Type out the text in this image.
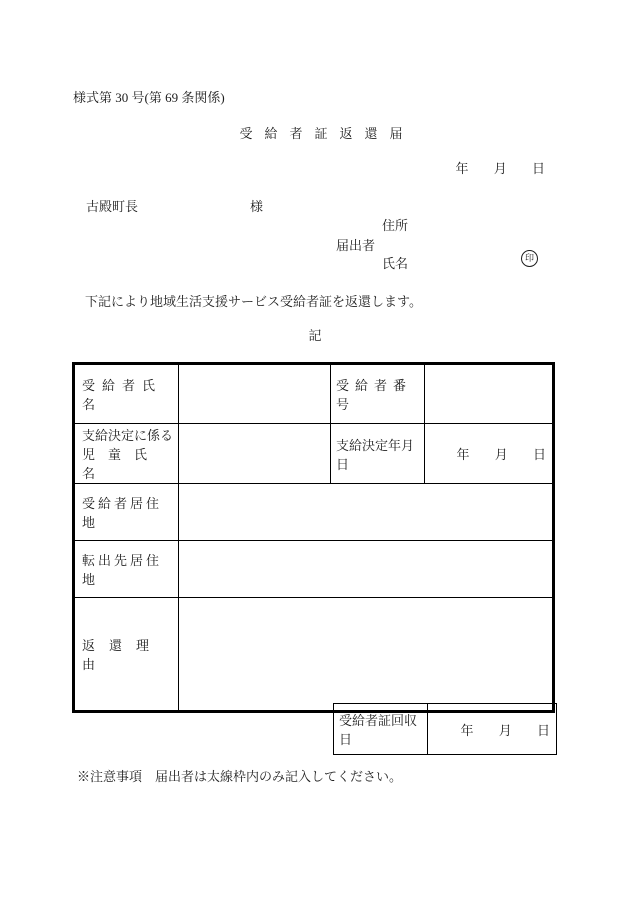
様式第 30 号(第 69 条関係)
受給者証返還届
年 月 日
古殿町長	様
住所
届出者
氏名	印
下記により地域生活支援サービス受給者証を返還します。
記
受給者氏名		受給者番号	

支給決定に係る
児童氏名		支給決定年月日	年 月 日
受給者居住地			
転出先居住地			
返還理由			
受給者証回収日	年 月 日
※注意事項　届出者は太線枠内のみ記入してください。
